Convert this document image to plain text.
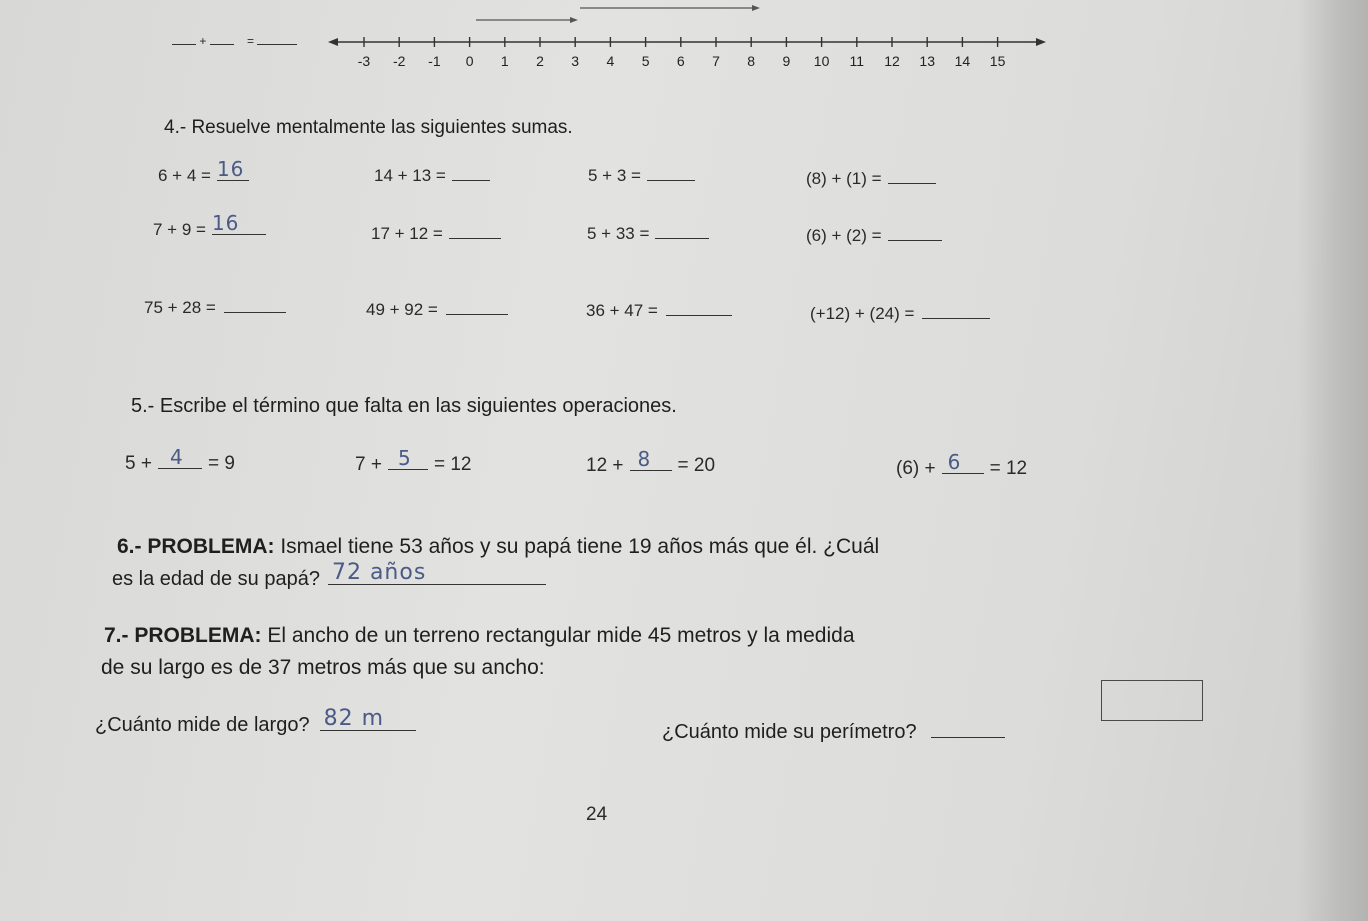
+	=
-3 -2 -1 0 1 2 3 4 5 6 7 8 9 10 11 12 13 14 15
4.- Resuelve mentalmente las siguientes sumas.
6 + 4 = 16	14 + 13 =	5 + 3 =	(8) + (1) =
7 + 9 = 16	17 + 12 =	5 + 33 =	(6) + (2) =
75 + 28 =	49 + 92 =	36 + 47 =	(+12) + (24) =
5.- Escribe el término que falta en las siguientes operaciones.
5 + 4 = 9	7 + 5 = 12	12 + 8 = 20	(6) + 6 = 12
6.- PROBLEMA: Ismael tiene 53 años y su papá tiene 19 años más que él. ¿Cuál
es la edad de su papá? 72 años
7.- PROBLEMA: El ancho de un terreno rectangular mide 45 metros y la medida
de su largo es de 37 metros más que su ancho:
¿Cuánto mide de largo? 82 m
¿Cuánto mide su perímetro?
24
